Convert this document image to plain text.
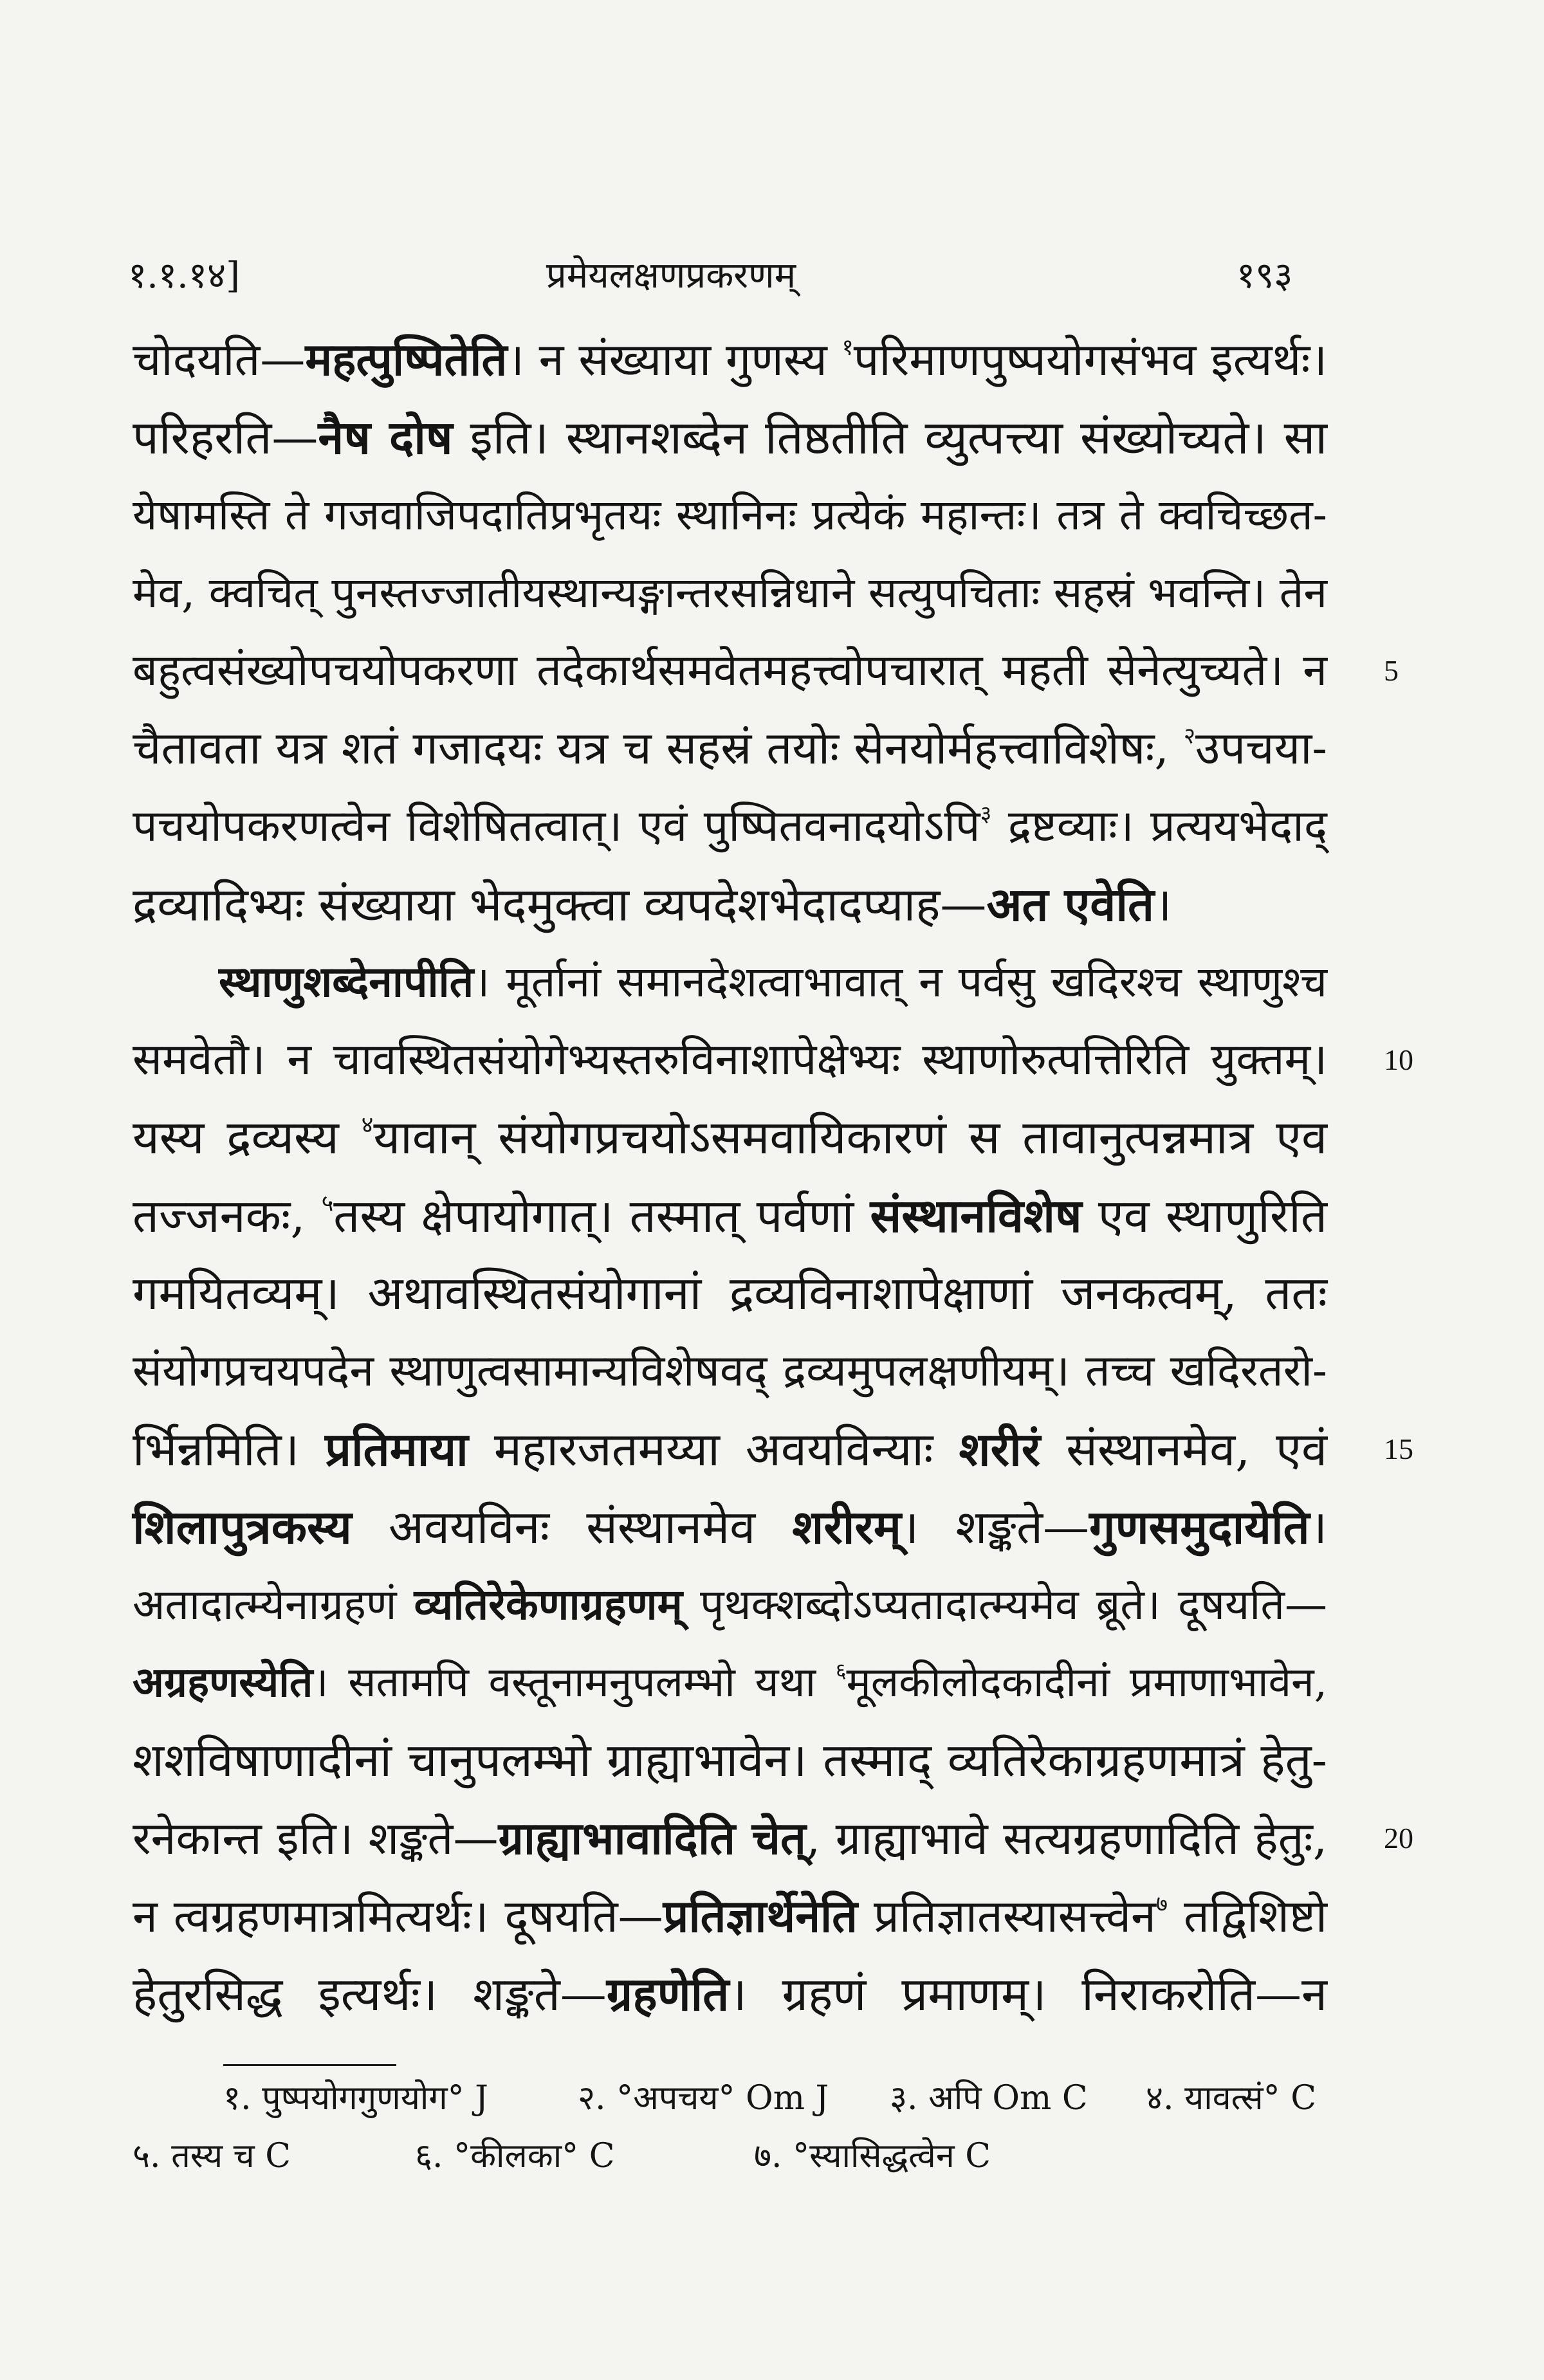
१.१.१४]	प्रमेयलक्षणप्रकरणम्	१९३
चोदयति—महत्पुष्पितेति। न संख्याया गुणस्य $^१$परिमाणपुष्पयोगसंभव इत्यर्थः।
परिहरति—नैष दोष इति। स्थानशब्देन तिष्ठतीति व्युत्पत्त्या संख्योच्यते। सा
येषामस्ति ते गजवाजिपदातिप्रभृतयः स्थानिनः प्रत्येकं महान्तः। तत्र ते क्वचिच्छत-
मेव, क्वचित् पुनस्तज्जातीयस्थान्यङ्गान्तरसन्निधाने सत्युपचिताः सहस्रं भवन्ति। तेन
बहुत्वसंख्योपचयोपकरणा तदेकार्थसमवेतमहत्त्वोपचारात् महती सेनेत्युच्यते। न 5
चैतावता यत्र शतं गजादयः यत्र च सहस्रं तयोः सेनयोर्महत्त्वाविशेषः, $^२$उपचया-
पचयोपकरणत्वेन विशेषितत्वात्। एवं पुष्पितवनादयोऽपि$^३$ द्रष्टव्याः। प्रत्ययभेदाद्
द्रव्यादिभ्यः संख्याया भेदमुक्त्वा व्यपदेशभेदादप्याह—अत एवेति।
स्थाणुशब्देनापीति। मूर्तानां समानदेशत्वाभावात् न पर्वसु खदिरश्च स्थाणुश्च
समवेतौ। न चावस्थितसंयोगेभ्यस्तरुविनाशापेक्षेभ्यः स्थाणोरुत्पत्तिरिति युक्तम्। 10
यस्य द्रव्यस्य $^४$यावान् संयोगप्रचयोऽसमवायिकारणं स तावानुत्पन्नमात्र एव
तज्जनकः, $^५$तस्य क्षेपायोगात्। तस्मात् पर्वणां संस्थानविशेष एव स्थाणुरिति
गमयितव्यम्। अथावस्थितसंयोगानां द्रव्यविनाशापेक्षाणां जनकत्वम्, ततः
संयोगप्रचयपदेन स्थाणुत्वसामान्यविशेषवद् द्रव्यमुपलक्षणीयम्। तच्च खदिरतरो-
र्भिन्नमिति। प्रतिमाया महारजतमय्या अवयविन्याः शरीरं संस्थानमेव, एवं 15
शिलापुत्रकस्य अवयविनः संस्थानमेव शरीरम्। शङ्कते—गुणसमुदायेति।
अतादात्म्येनाग्रहणं व्यतिरेकेणाग्रहणम् पृथक्शब्दोऽप्यतादात्म्यमेव ब्रूते। दूषयति—
अग्रहणस्येति। सतामपि वस्तूनामनुपलम्भो यथा $^६$मूलकीलोदकादीनां प्रमाणाभावेन,
शशविषाणादीनां चानुपलम्भो ग्राह्याभावेन। तस्माद् व्यतिरेकाग्रहणमात्रं हेतु-
रनेकान्त इति। शङ्कते—ग्राह्याभावादिति चेत्, ग्राह्याभावे सत्यग्रहणादिति हेतुः, 20
न त्वग्रहणमात्रमित्यर्थः। दूषयति—प्रतिज्ञार्थेनेति प्रतिज्ञातस्यासत्त्वेन$^७$ तद्विशिष्टो
हेतुरसिद्ध इत्यर्थः। शङ्कते—ग्रहणेति। ग्रहणं प्रमाणम्। निराकरोति—न
१. पुष्पयोगगुणयोग° J	२. °अपचय° Om J ३. अपि Om C ४. यावत्सं° C
५. तस्य च C	६. °कीलका° C	७. °स्यासिद्धत्वेन C
